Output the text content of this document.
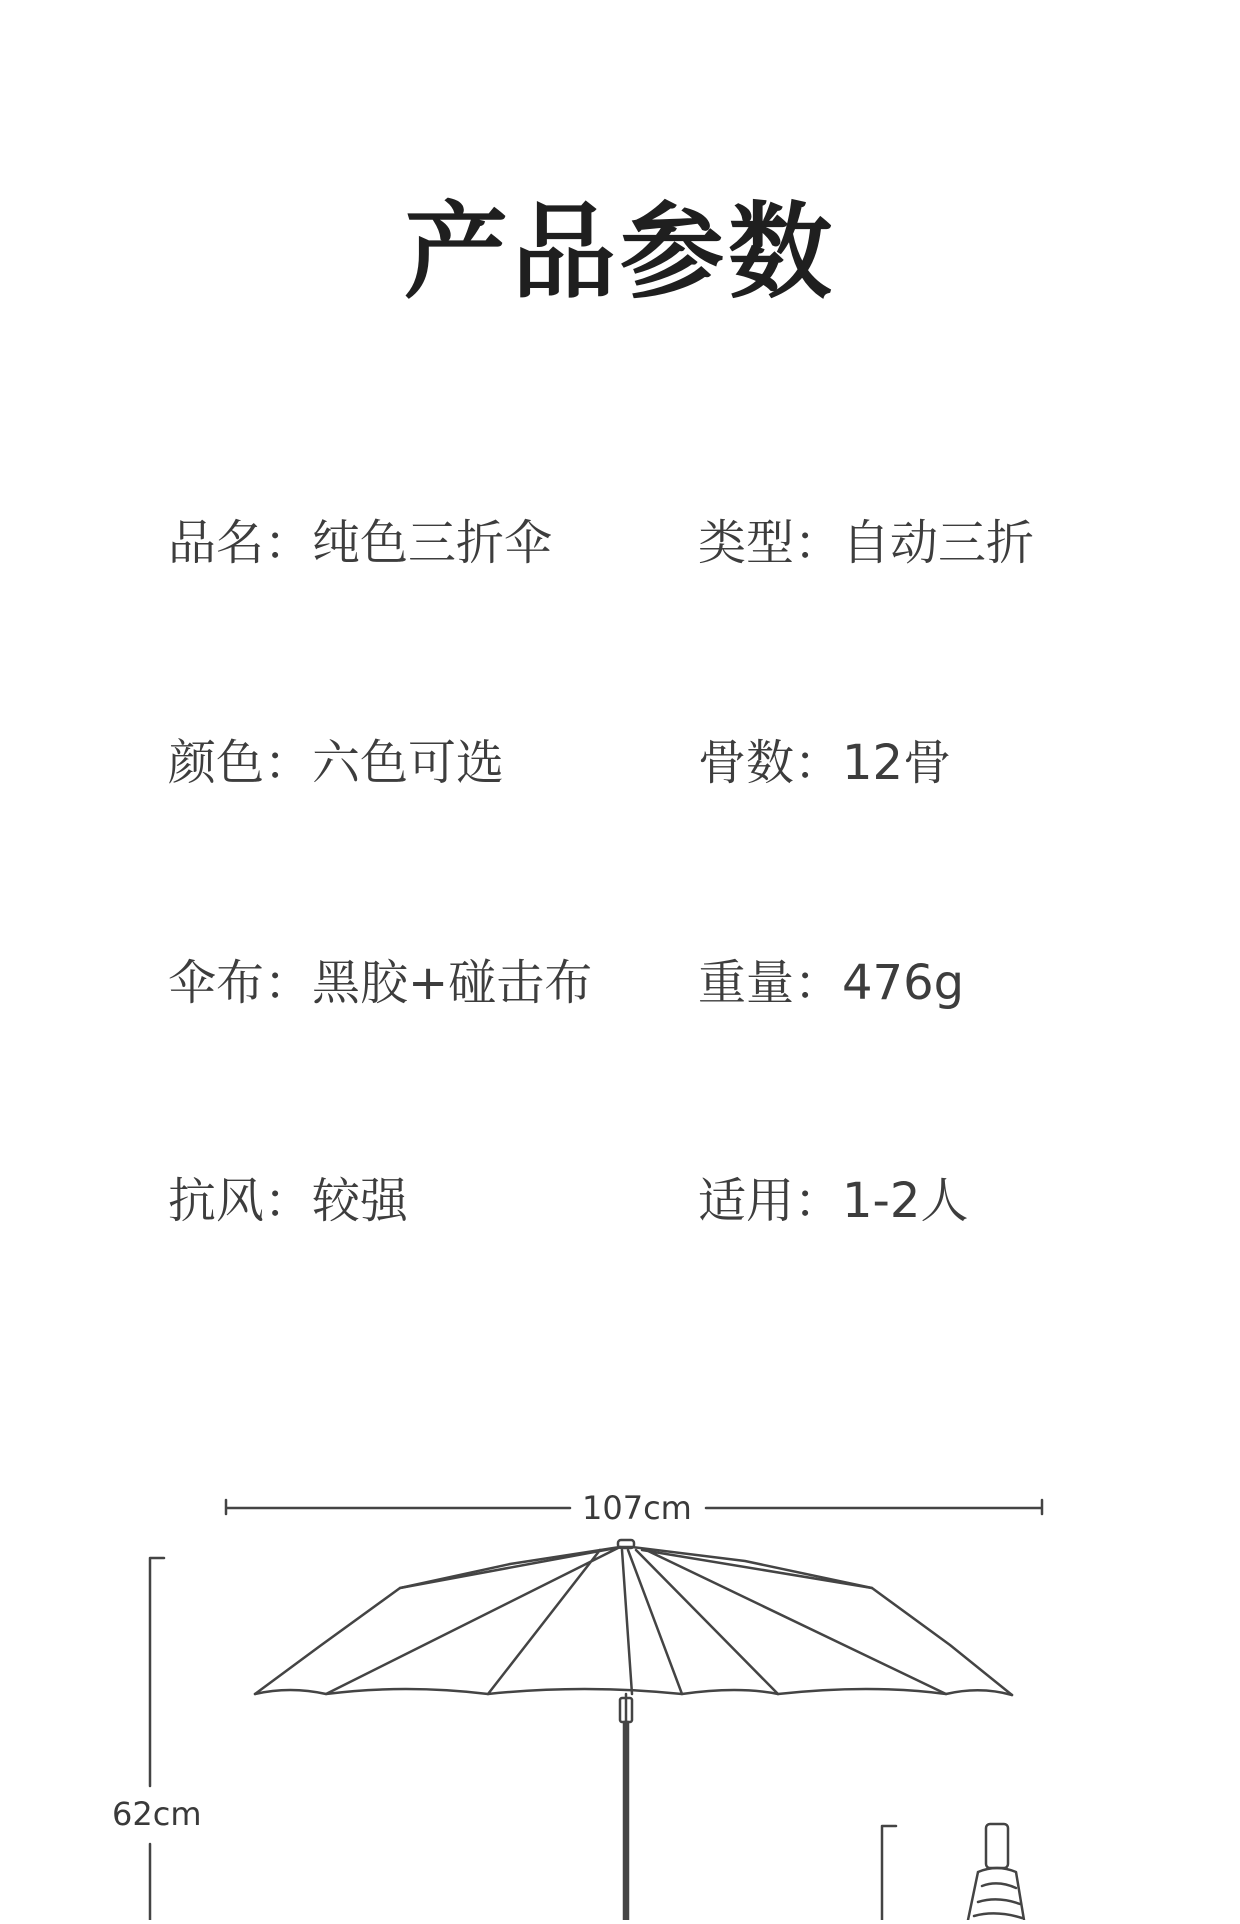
产品参数
品名：纯色三折伞	类型：自动三折
颜色：六色可选	骨数：12骨
伞布：黑胶+碰击布 重量：476g
抗风：较强	适用：1-2人
107cm
62cm
